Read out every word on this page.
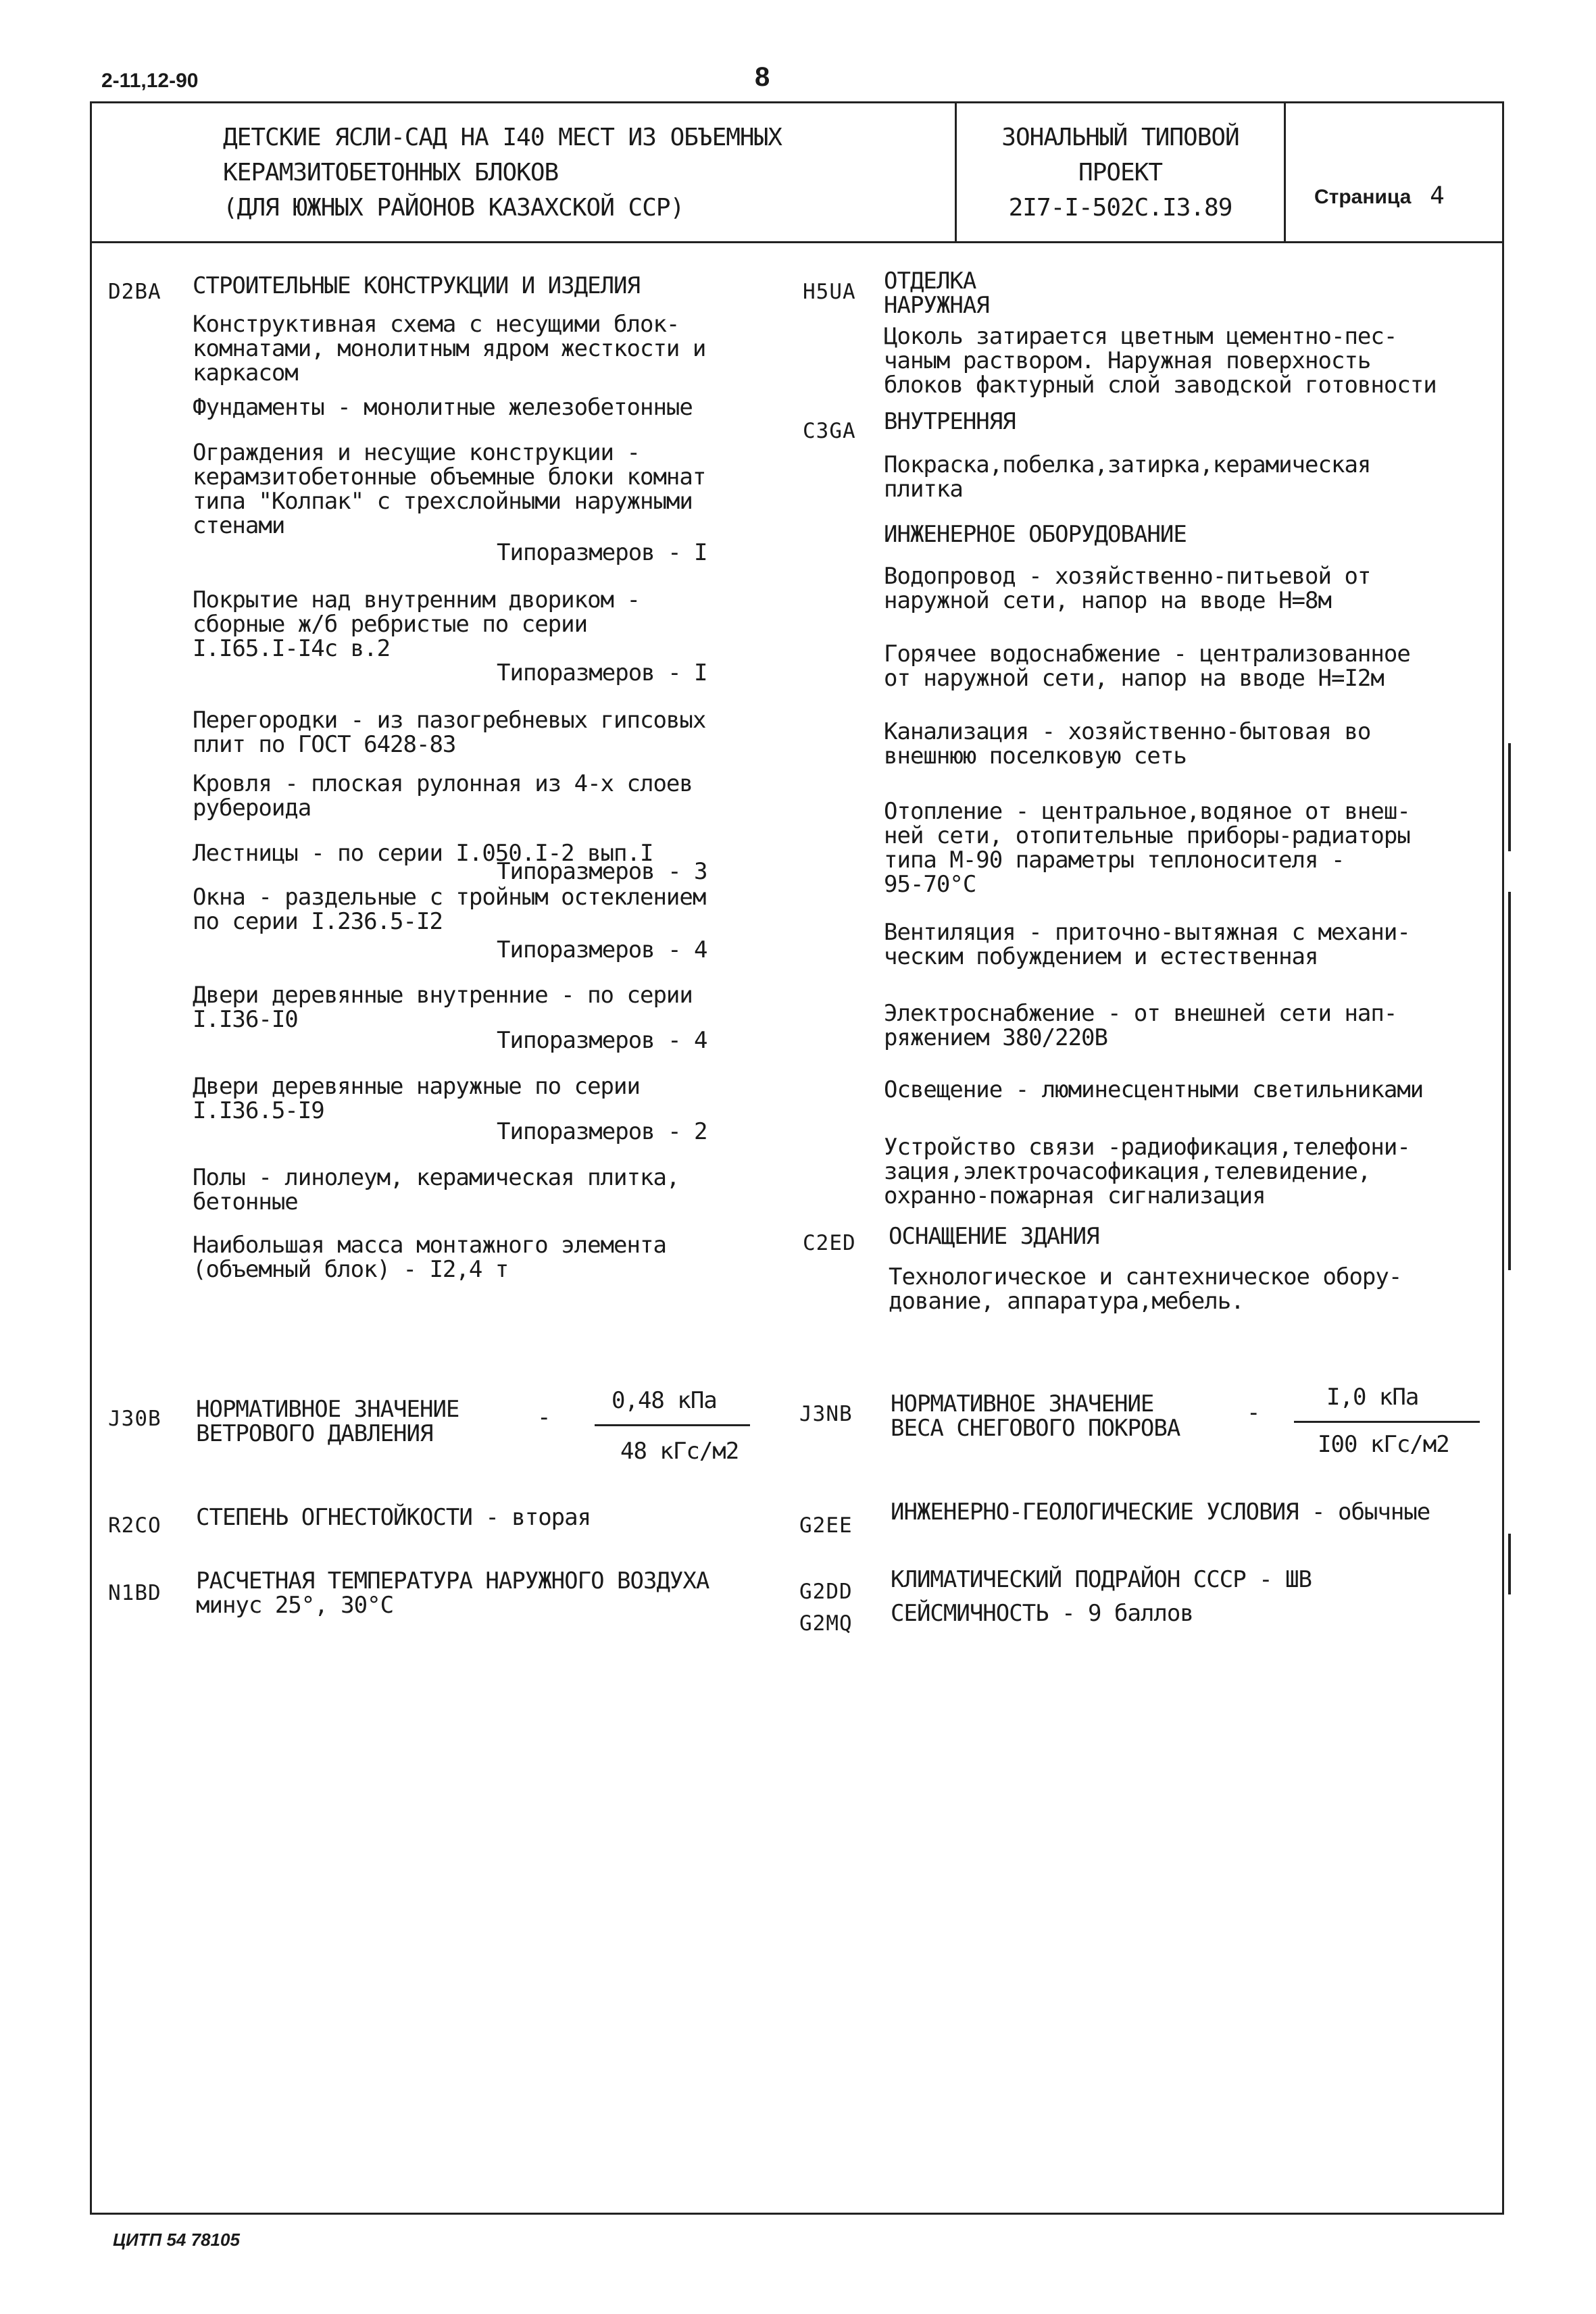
2-11,12-90	8
ДЕТСКИЕ ЯСЛИ-САД НА I40 МЕСТ ИЗ ОБЪЕМНЫХ
КЕРАМЗИТОБЕТОННЫХ БЛОКОВ
(ДЛЯ ЮЖНЫХ РАЙОНОВ КАЗАХСКОЙ ССР)
ЗОНАЛЬНЫЙ ТИПОВОЙ
ПРОЕКТ
2I7-I-502С.I3.89	Страница 4
D2BA СТРОИТЕЛЬНЫЕ КОНСТРУКЦИИ И ИЗДЕЛИЯ
Конструктивная схема с несущими блок-
комнатами, монолитным ядром жесткости и
каркасом
Фундаменты - монолитные железобетонные
Ограждения и несущие конструкции -
керамзитобетонные объемные блоки комнат
типа "Колпак" с трехслойными наружными
стенами
Типоразмеров - I
Покрытие над внутренним двориком -
сборные ж/б ребристые по серии
I.I65.I-I4с в.2
Типоразмеров - I
Перегородки - из пазогребневых гипсовых
плит по ГОСТ 6428-83
Кровля - плоская рулонная из 4-х слоев
рубероида
Лестницы - по серии I.050.I-2 вып.I
Типоразмеров - 3
Окна - раздельные с тройным остеклением
по серии I.236.5-I2
Типоразмеров - 4
Двери деревянные внутренние - по серии
I.I36-I0
Типоразмеров - 4
Двери деревянные наружные по серии
I.I36.5-I9
Типоразмеров - 2
Полы - линолеум, керамическая плитка,
бетонные
Наибольшая масса монтажного элемента
(объемный блок) - I2,4 т
H5UA ОТДЕЛКА
НАРУЖНАЯ
Цоколь затирается цветным цементно-пес-
чаным раствором. Наружная поверхность
блоков фактурный слой заводской готовности
C3GA ВНУТРЕННЯЯ
Покраска,побелка,затирка,керамическая
плитка
ИНЖЕНЕРНОЕ ОБОРУДОВАНИЕ
Водопровод - хозяйственно-питьевой от
наружной сети, напор на вводе Н=8м
Горячее водоснабжение - централизованное
от наружной сети, напор на вводе Н=I2м
Канализация - хозяйственно-бытовая во
внешнюю поселковую сеть
Отопление - центральное,водяное от внеш-
ней сети, отопительные приборы-радиаторы
типа М-90 параметры теплоносителя -
95-70°С
Вентиляция - приточно-вытяжная с механи-
ческим побуждением и естественная
Электроснабжение - от внешней сети нап-
ряжением 380/220В
Освещение - люминесцентными светильниками
Устройство связи -радиофикация,телефони-
зация,электрочасофикация,телевидение,
охранно-пожарная сигнализация
C2ED ОСНАЩЕНИЕ ЗДАНИЯ
Технологическое и сантехническое обору-
дование, аппаратура,мебель.
J30B НОРМАТИВНОЕ ЗНАЧЕНИЕ
ВЕТРОВОГО ДАВЛЕНИЯ
-
0,48 кПа
48 кГс/м2
J3NB НОРМАТИВНОЕ ЗНАЧЕНИЕ
ВЕСА СНЕГОВОГО ПОКРОВА
-
I,0 кПа
I00 кГс/м2
R2CO СТЕПЕНЬ ОГНЕСТОЙКОСТИ - вторая	G2EE ИНЖЕНЕРНО-ГЕОЛОГИЧЕСКИЕ УСЛОВИЯ - обычные
N1BD РАСЧЕТНАЯ ТЕМПЕРАТУРА НАРУЖНОГО ВОЗДУХА
минус 25°, 30°С	G2DD КЛИМАТИЧЕСКИЙ ПОДРАЙОН СССР - ШВ
G2MQ СЕЙСМИЧНОСТЬ - 9 баллов
ЦИТП 54 78105
